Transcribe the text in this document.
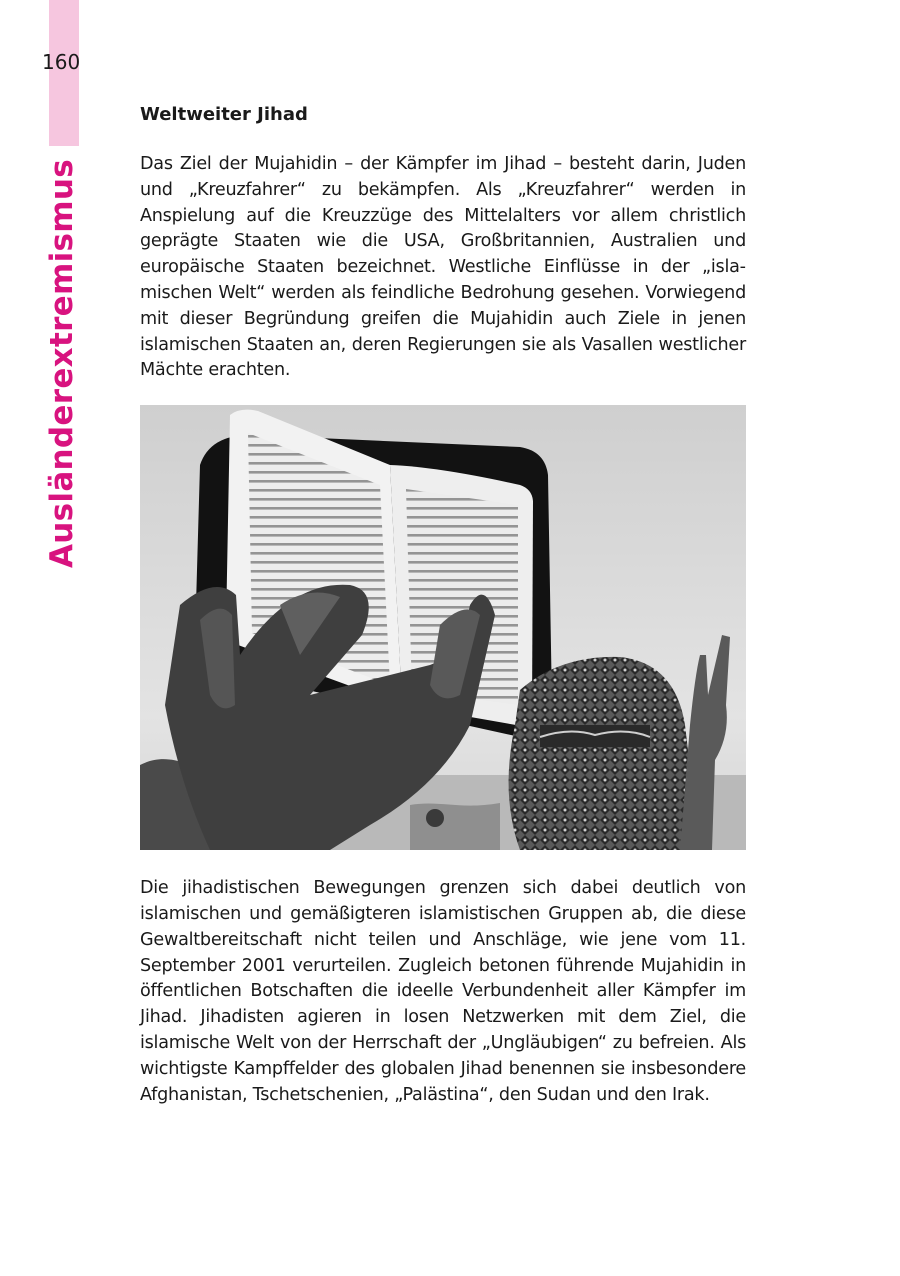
160
Ausländerextremismus
Weltweiter Jihad

Das Ziel der Mujahidin – der Kämpfer im Jihad – besteht darin, Juden und „Kreuzfahrer“ zu bekämpfen. Als „Kreuzfahrer“ werden in Anspielung auf die Kreuzzüge des Mittelalters vor allem christlich geprägte Staaten wie die USA, Großbritannien, Australien und europäische Staaten bezeichnet. Westliche Einflüsse in der „islamischen Welt“ werden als feindliche Bedrohung gesehen. Vorwiegend mit dieser Begründung greifen die Mujahidin auch Ziele in jenen islamischen Staaten an, deren Regierungen sie als Vasallen westlicher Mächte erachten.

Die jihadistischen Bewegungen grenzen sich dabei deutlich von islamischen und gemäßigteren islamistischen Gruppen ab, die diese Gewaltbereitschaft nicht teilen und Anschläge, wie jene vom 11. September 2001 verurteilen. Zugleich betonen führende Mujahidin in öffentlichen Botschaften die ideelle Verbundenheit aller Kämpfer im Jihad. Jihadisten agieren in losen Netzwerken mit dem Ziel, die islamische Welt von der Herrschaft der „Ungläubigen“ zu befreien. Als wichtigste Kampffelder des globalen Jihad benennen sie insbesondere Afghanistan, Tschetschenien, „Palästina“, den Sudan und den Irak.
